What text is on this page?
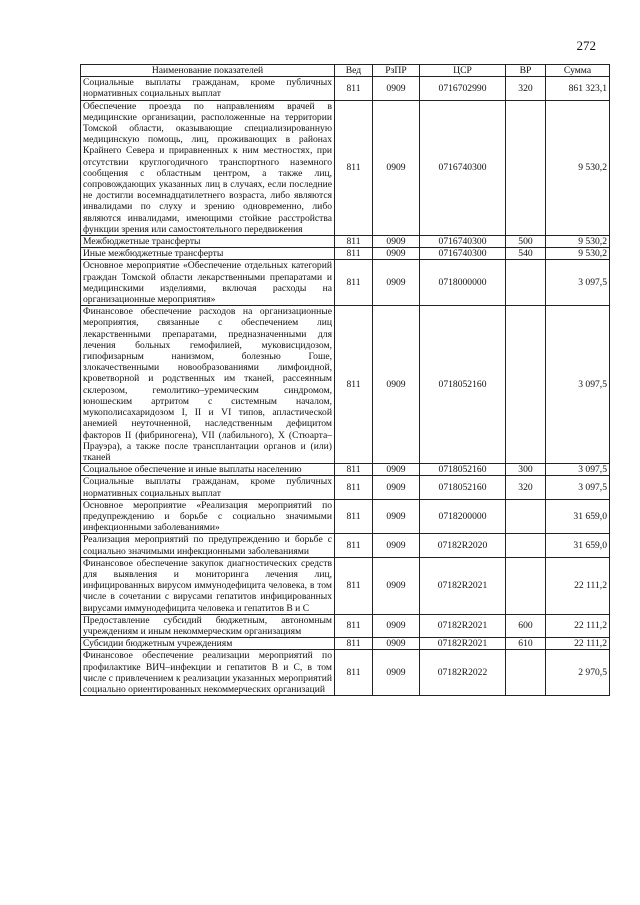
272
Наименование показателей	Вед	РзПР	ЦСР	ВР	Сумма
Социальные выплаты гражданам, кроме публичных нормативных социальных выплат	811	0909	0716702990	320	861 323,1
Обеспечение проезда по направлениям врачей в медицинские организации, расположенные на территории Томской области, оказывающие специализированную медицинскую помощь, лиц, проживающих в районах Крайнего Севера и приравненных к ним местностях, при отсутствии круглогодичного транспортного наземного сообщения с областным центром, а также лиц, сопровождающих указанных лиц в случаях, если последние не достигли восемнадцатилетнего возраста, либо являются инвалидами по слуху и зрению одновременно, либо являются инвалидами, имеющими стойкие расстройства функции зрения или самостоятельного передвижения	811	0909	0716740300		9 530,2
Межбюджетные трансферты	811	0909	0716740300	500	9 530,2
Иные межбюджетные трансферты	811	0909	0716740300	540	9 530,2
Основное мероприятие «Обеспечение отдельных категорий граждан Томской области лекарственными препаратами и медицинскими изделиями, включая расходы на организационные мероприятия»	811	0909	0718000000		3 097,5
Финансовое обеспечение расходов на организационные мероприятия, связанные с обеспечением лиц лекарственными препаратами, предназначенными для лечения больных гемофилией, муковисцидозом, гипофизарным нанизмом, болезнью Гоше, злокачественными новообразованиями лимфоидной, кроветворной и родственных им тканей, рассеянным склерозом, гемолитико–уремическим синдромом, юношеским артритом с системным началом, мукополисахаридозом I, II и VI типов, апластической анемией неуточненной, наследственным дефицитом факторов II (фибриногена), VII (лабильного), X (Стюарта–Прауэра), а также после трансплантации органов и (или) тканей	811	0909	0718052160		3 097,5
Социальное обеспечение и иные выплаты населению	811	0909	0718052160	300	3 097,5
Социальные выплаты гражданам, кроме публичных нормативных социальных выплат	811	0909	0718052160	320	3 097,5
Основное мероприятие «Реализация мероприятий по предупреждению и борьбе с социально значимыми инфекционными заболеваниями»	811	0909	0718200000		31 659,0
Реализация мероприятий по предупреждению и борьбе с социально значимыми инфекционными заболеваниями	811	0909	07182R2020		31 659,0
Финансовое обеспечение закупок диагностических средств для выявления и мониторинга лечения лиц, инфицированных вирусом иммунодефицита человека, в том числе в сочетании с вирусами гепатитов инфицированных вирусами иммунодефицита человека и гепатитов В и С	811	0909	07182R2021		22 111,2
Предоставление субсидий бюджетным, автономным учреждениям и иным некоммерческим организациям	811	0909	07182R2021	600	22 111,2
Субсидии бюджетным учреждениям	811	0909	07182R2021	610	22 111,2
Финансовое обеспечение реализации мероприятий по профилактике ВИЧ–инфекции и гепатитов В и С, в том числе с привлечением к реализации указанных мероприятий социально ориентированных некоммерческих организаций	811	0909	07182R2022		2 970,5
